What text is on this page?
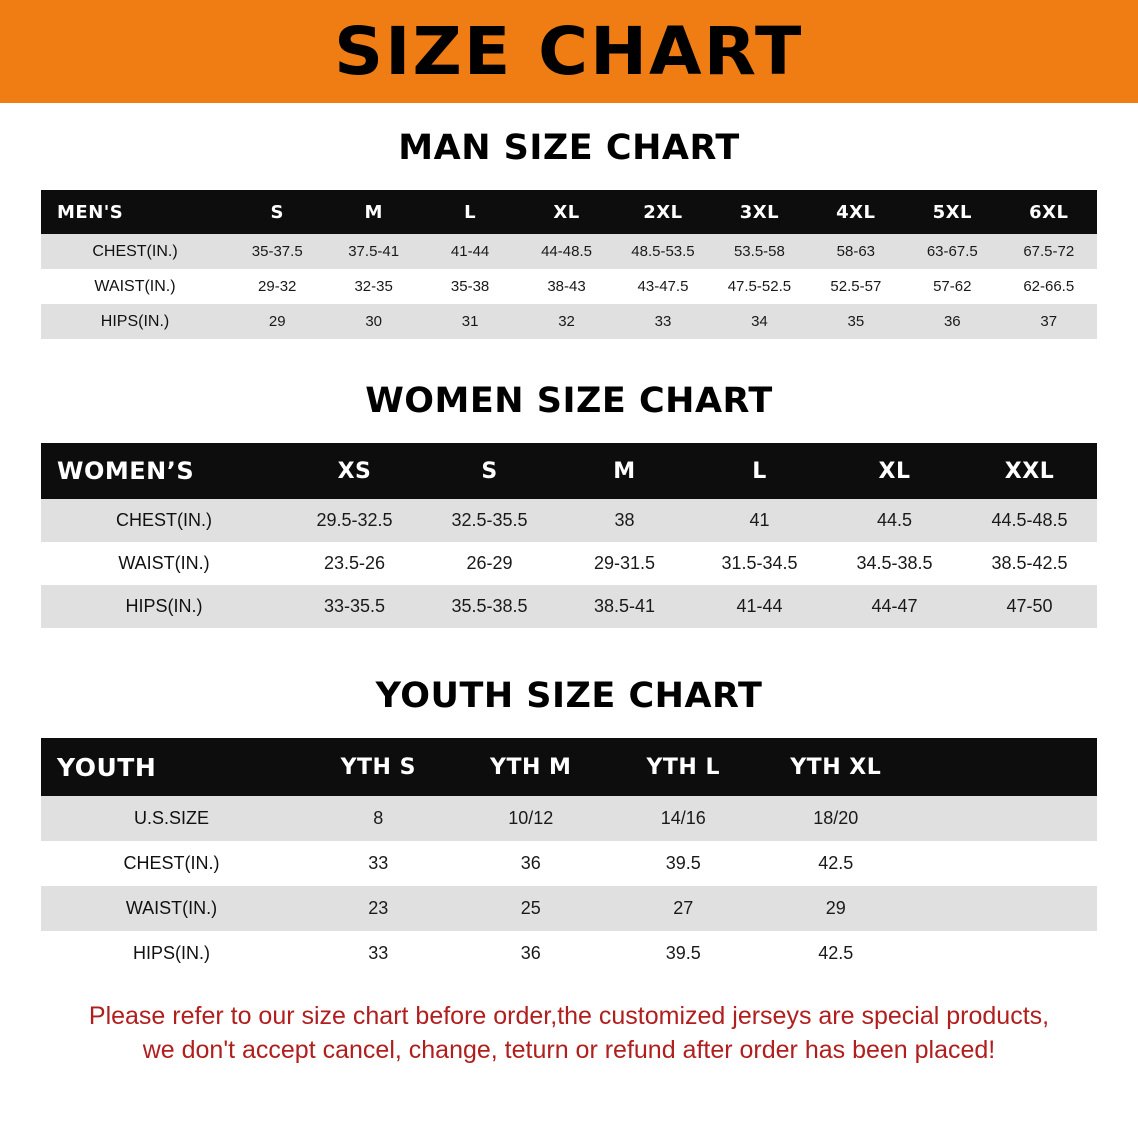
SIZE CHART
MAN SIZE CHART
MEN'S	S	M	L	XL	2XL	3XL	4XL	5XL	6XL
CHEST(IN.)	35-37.5	37.5-41	41-44	44-48.5	48.5-53.5	53.5-58	58-63	63-67.5	67.5-72
WAIST(IN.)	29-32	32-35	35-38	38-43	43-47.5	47.5-52.5	52.5-57	57-62	62-66.5
HIPS(IN.)	29	30	31	32	33	34	35	36	37
WOMEN SIZE CHART
WOMEN’S	XS	S	M	L	XL	XXL
CHEST(IN.)	29.5-32.5	32.5-35.5	38	41	44.5	44.5-48.5
WAIST(IN.)	23.5-26	26-29	29-31.5	31.5-34.5	34.5-38.5	38.5-42.5
HIPS(IN.)	33-35.5	35.5-38.5	38.5-41	41-44	44-47	47-50
YOUTH SIZE CHART
YOUTH	YTH S	YTH M	YTH L	YTH XL	
U.S.SIZE	8	10/12	14/16	18/20	
CHEST(IN.)	33	36	39.5	42.5	
WAIST(IN.)	23	25	27	29	
HIPS(IN.)	33	36	39.5	42.5	
Please refer to our size chart before order,the customized jerseys are special products,
we don't accept cancel, change, teturn or refund after order has been placed!
